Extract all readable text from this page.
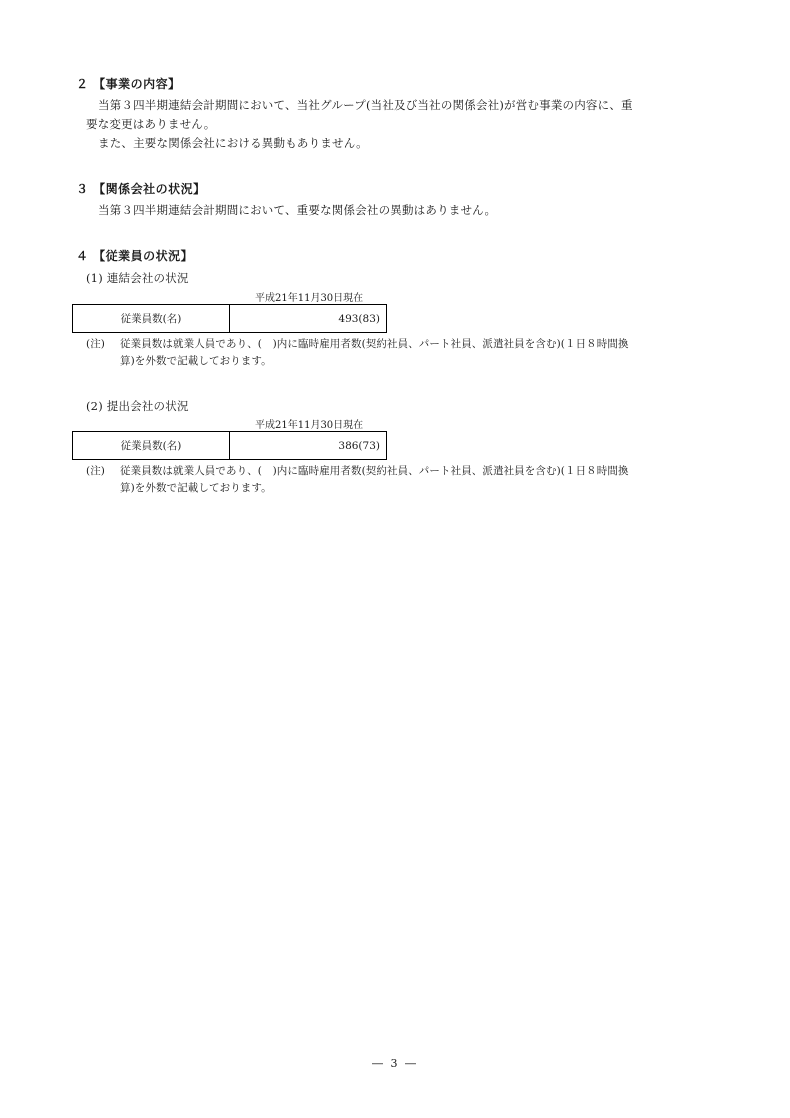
２ 【事業の内容】
当第３四半期連結会計期間において、当社グループ(当社及び当社の関係会社)が営む事業の内容に、重
要な変更はありません。
また、主要な関係会社における異動もありません。
３ 【関係会社の状況】
当第３四半期連結会計期間において、重要な関係会社の異動はありません。
４ 【従業員の状況】
(1) 連結会社の状況
平成21年11月30日現在
従業員数(名)	493(83)
(注) 従業員数は就業人員であり、(　)内に臨時雇用者数(契約社員、パート社員、派遣社員を含む)(１日８時間換
算)を外数で記載しております。
(2) 提出会社の状況
平成21年11月30日現在
従業員数(名)	386(73)
(注) 従業員数は就業人員であり、(　)内に臨時雇用者数(契約社員、パート社員、派遣社員を含む)(１日８時間換
算)を外数で記載しております。
― 3 ―
